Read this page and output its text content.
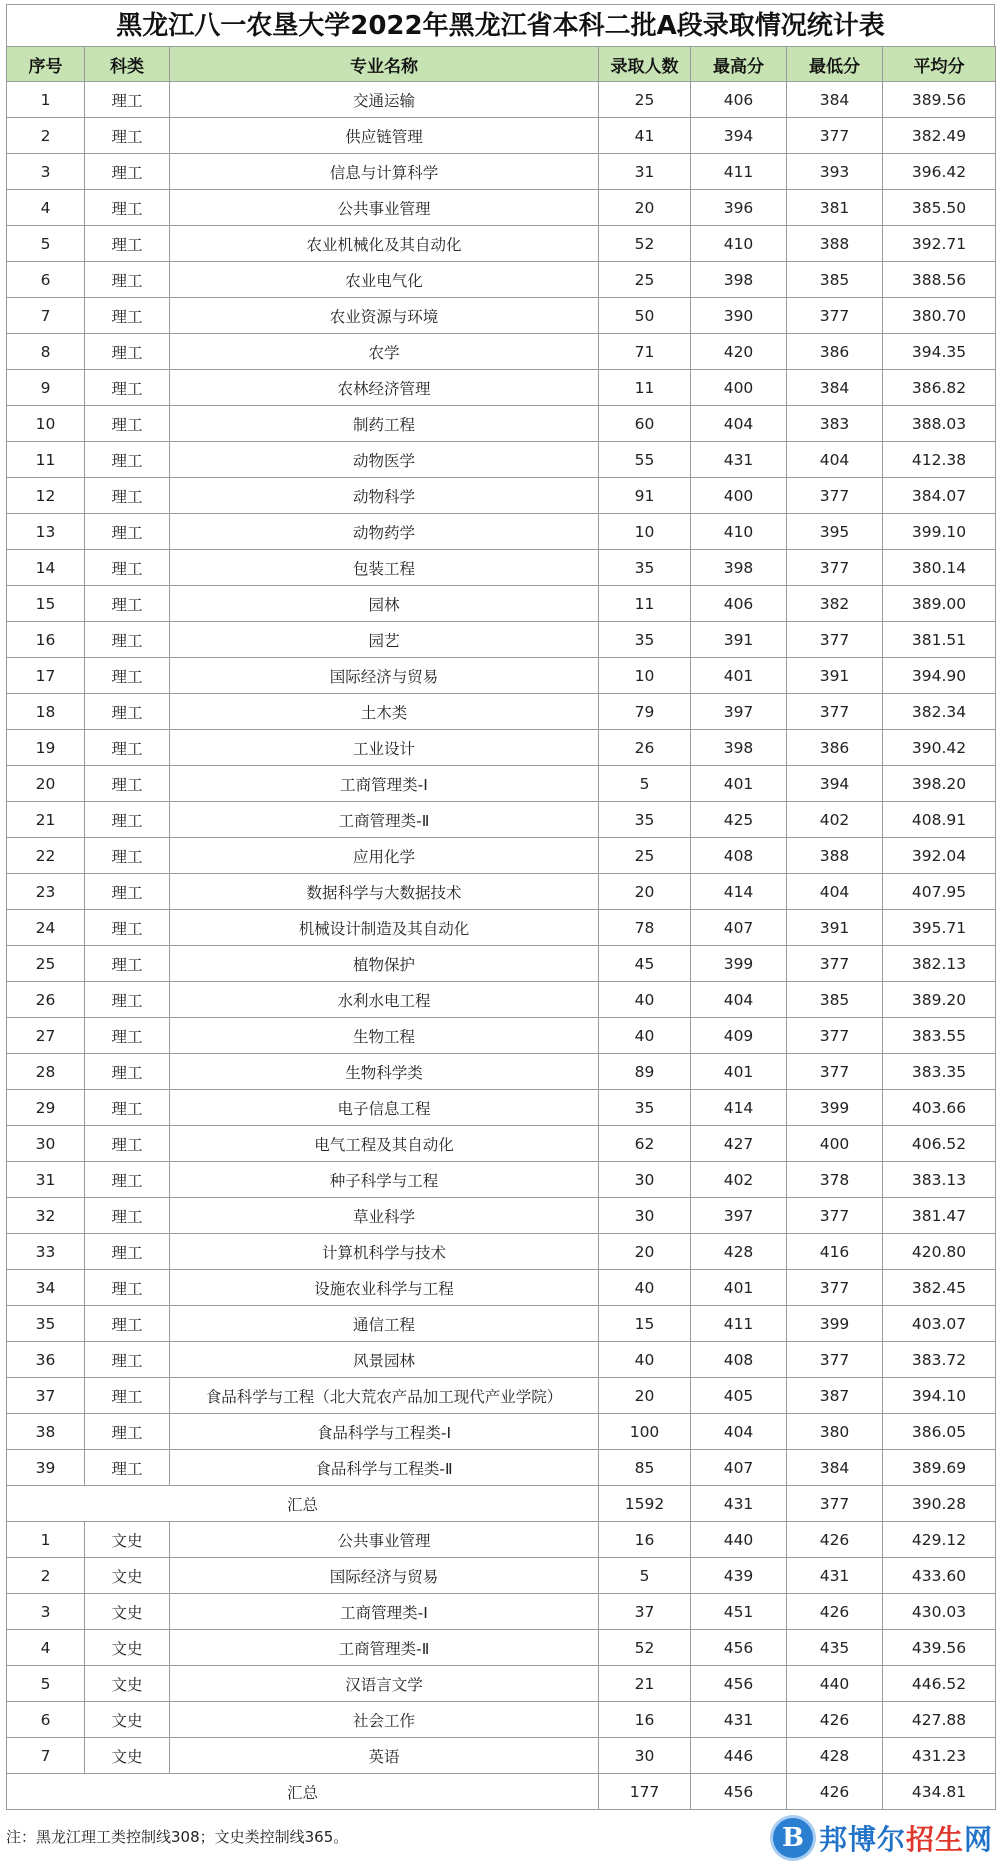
黑龙江八一农垦大学2022年黑龙江省本科二批A段录取情况统计表
序号	科类	专业名称	录取人数	最高分	最低分	平均分
1	理工	交通运输	25	406	384	389.56
2	理工	供应链管理	41	394	377	382.49
3	理工	信息与计算科学	31	411	393	396.42
4	理工	公共事业管理	20	396	381	385.50
5	理工	农业机械化及其自动化	52	410	388	392.71
6	理工	农业电气化	25	398	385	388.56
7	理工	农业资源与环境	50	390	377	380.70
8	理工	农学	71	420	386	394.35
9	理工	农林经济管理	11	400	384	386.82
10	理工	制药工程	60	404	383	388.03
11	理工	动物医学	55	431	404	412.38
12	理工	动物科学	91	400	377	384.07
13	理工	动物药学	10	410	395	399.10
14	理工	包装工程	35	398	377	380.14
15	理工	园林	11	406	382	389.00
16	理工	园艺	35	391	377	381.51
17	理工	国际经济与贸易	10	401	391	394.90
18	理工	土木类	79	397	377	382.34
19	理工	工业设计	26	398	386	390.42
20	理工	工商管理类-Ⅰ	5	401	394	398.20
21	理工	工商管理类-Ⅱ	35	425	402	408.91
22	理工	应用化学	25	408	388	392.04
23	理工	数据科学与大数据技术	20	414	404	407.95
24	理工	机械设计制造及其自动化	78	407	391	395.71
25	理工	植物保护	45	399	377	382.13
26	理工	水利水电工程	40	404	385	389.20
27	理工	生物工程	40	409	377	383.55
28	理工	生物科学类	89	401	377	383.35
29	理工	电子信息工程	35	414	399	403.66
30	理工	电气工程及其自动化	62	427	400	406.52
31	理工	种子科学与工程	30	402	378	383.13
32	理工	草业科学	30	397	377	381.47
33	理工	计算机科学与技术	20	428	416	420.80
34	理工	设施农业科学与工程	40	401	377	382.45
35	理工	通信工程	15	411	399	403.07
36	理工	风景园林	40	408	377	383.72
37	理工	食品科学与工程（北大荒农产品加工现代产业学院）	20	405	387	394.10
38	理工	食品科学与工程类-Ⅰ	100	404	380	386.05
39	理工	食品科学与工程类-Ⅱ	85	407	384	389.69
汇总			1592	431	377	390.28
1	文史	公共事业管理	16	440	426	429.12
2	文史	国际经济与贸易	5	439	431	433.60
3	文史	工商管理类-Ⅰ	37	451	426	430.03
4	文史	工商管理类-Ⅱ	52	456	435	439.56
5	文史	汉语言文学	21	456	440	446.52
6	文史	社会工作	16	431	426	427.88
7	文史	英语	30	446	428	431.23
汇总			177	456	426	434.81
注：黑龙江理工类控制线308；文史类控制线365。	B 邦博尔招生网
